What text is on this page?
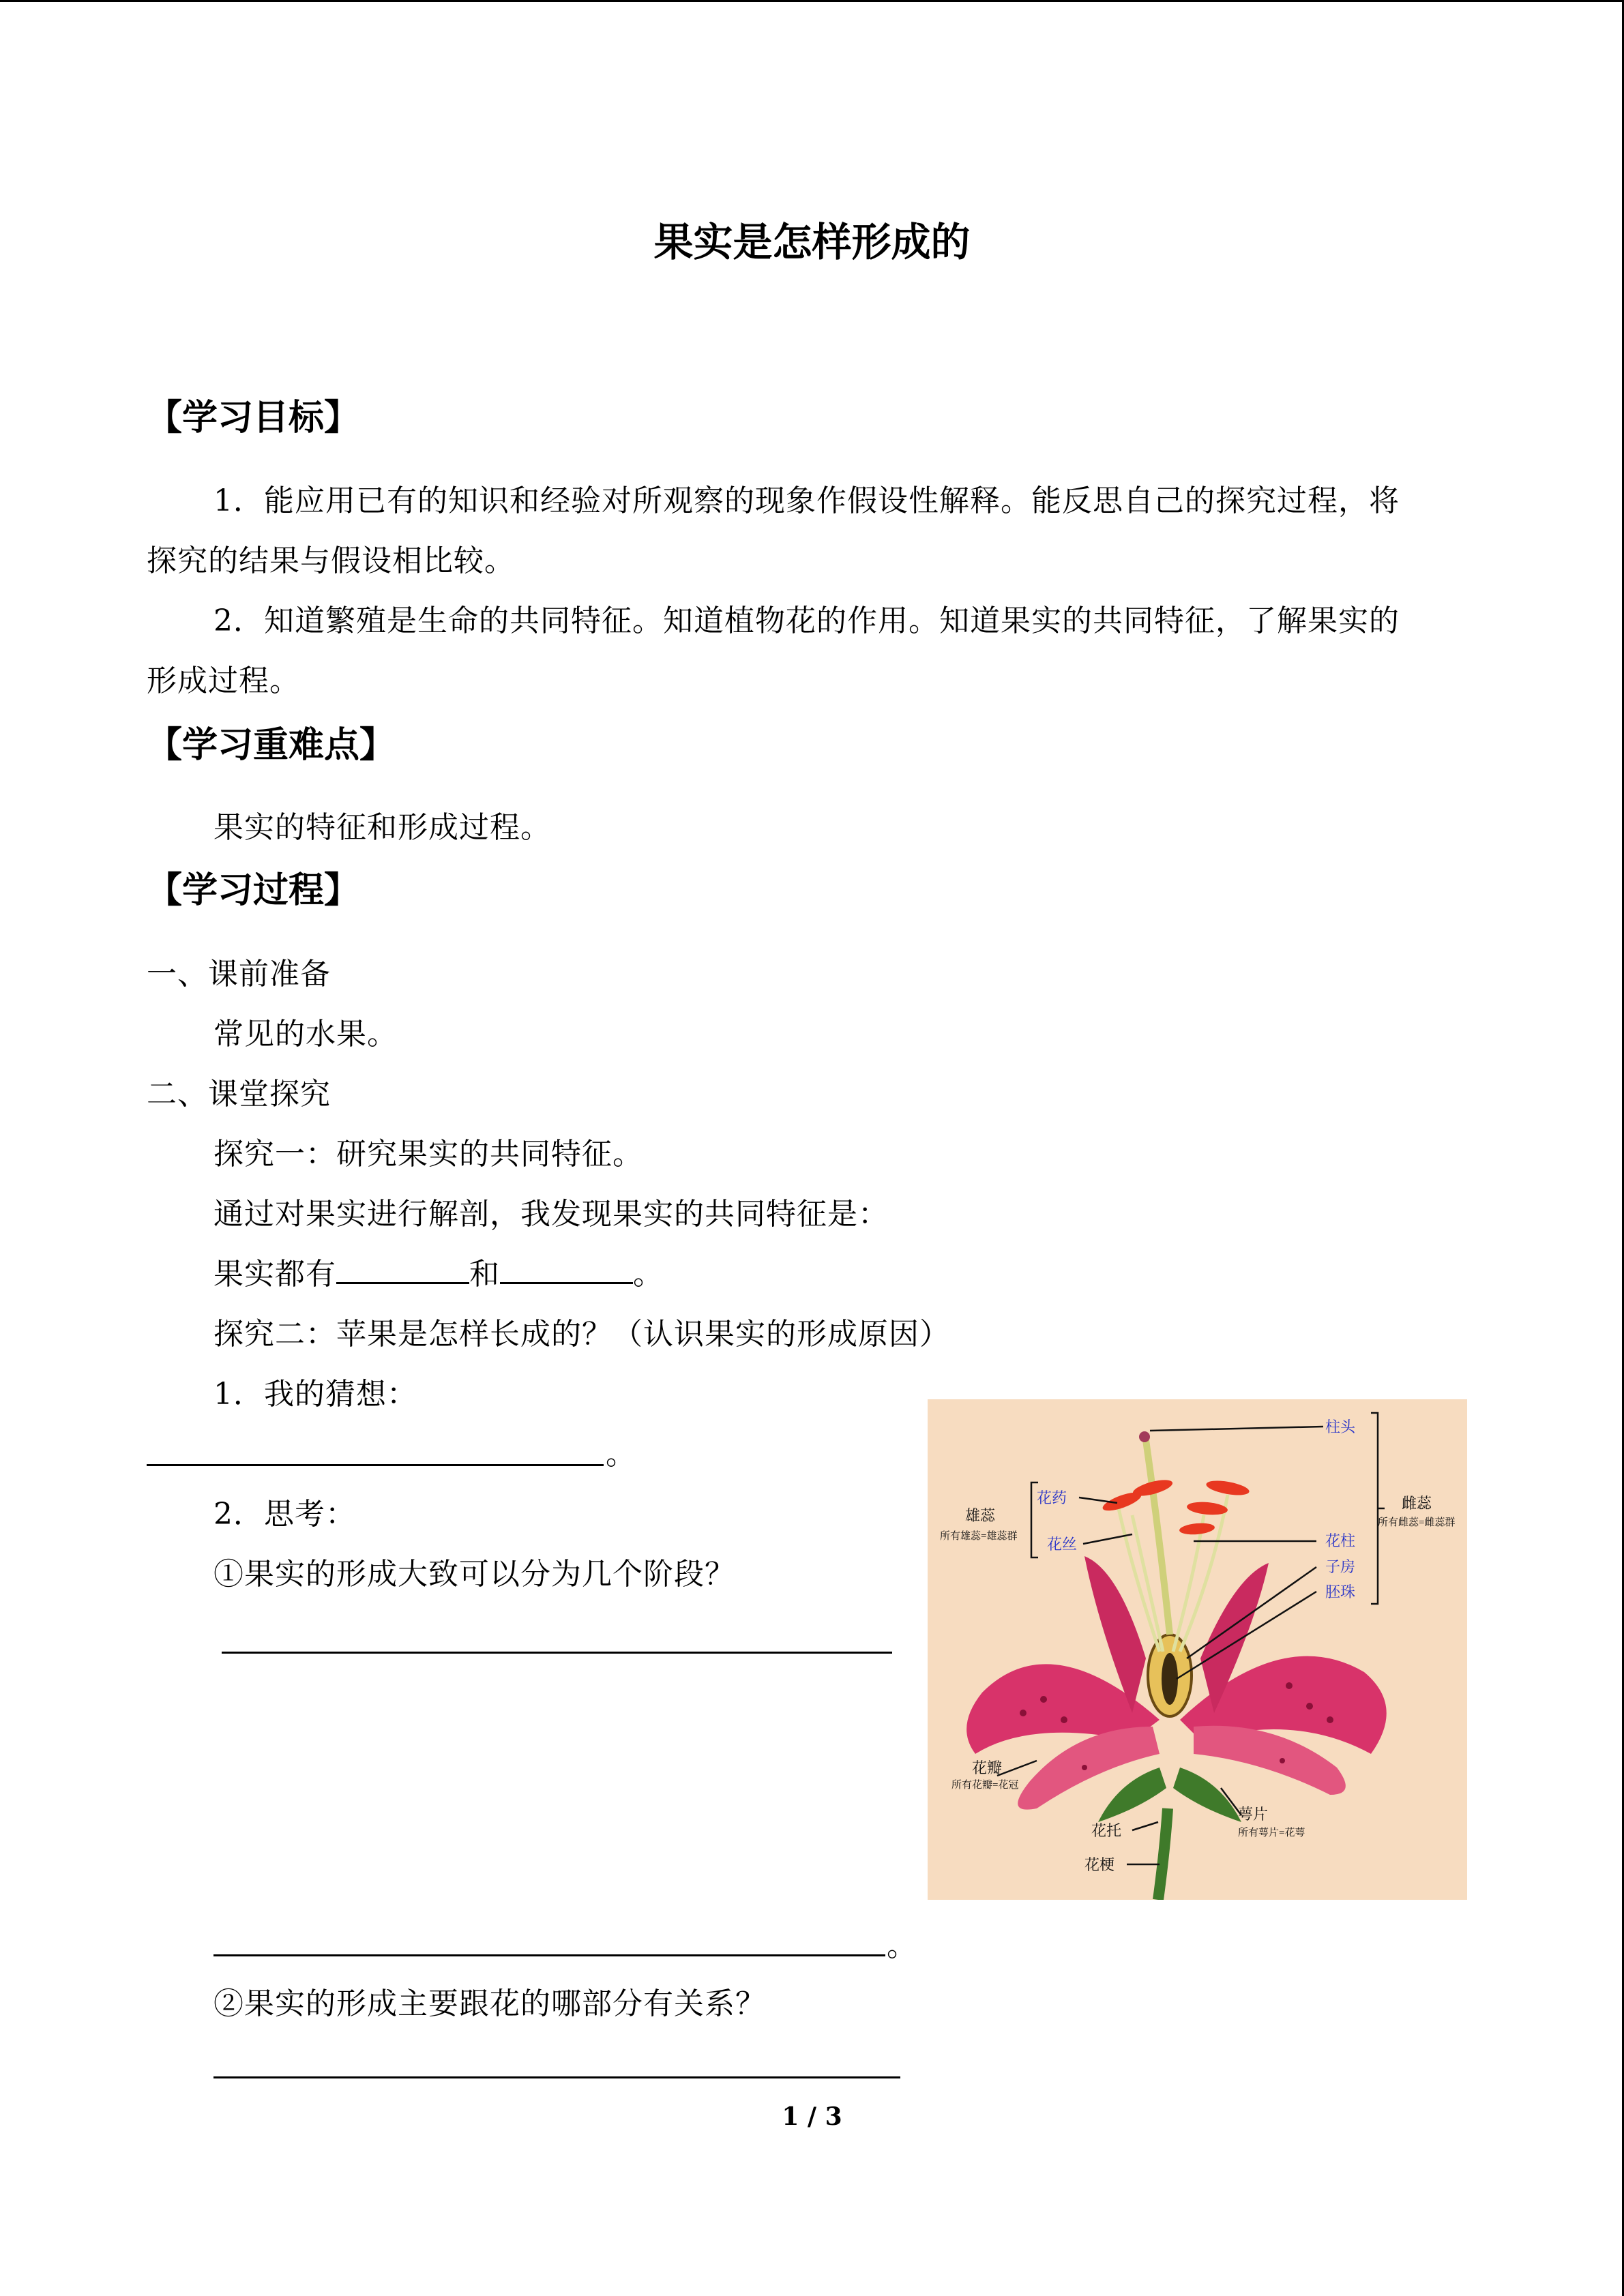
果实是怎样形成的
【学习目标】
1．能应用已有的知识和经验对所观察的现象作假设性解释。能反思自己的探究过程，将
探究的结果与假设相比较。
2．知道繁殖是生命的共同特征。知道植物花的作用。知道果实的共同特征，了解果实的
形成过程。
【学习重难点】
果实的特征和形成过程。
【学习过程】
一、课前准备
常见的水果。
二、课堂探究
探究一：研究果实的共同特征。
通过对果实进行解剖，我发现果实的共同特征是：
果实都有	和	。
探究二：苹果是怎样长成的？（认识果实的形成原因）
1．我的猜想：
。
2．思考：
①果实的形成大致可以分为几个阶段？
。
②果实的形成主要跟花的哪部分有关系？
柱头
花药
花丝
雄蕊
所有雄蕊=雄蕊群
雌蕊
所有雌蕊=雌蕊群
花柱
子房
胚珠
花瓣
所有花瓣=花冠
萼片
所有萼片=花萼
花托
花梗
1 / 3
